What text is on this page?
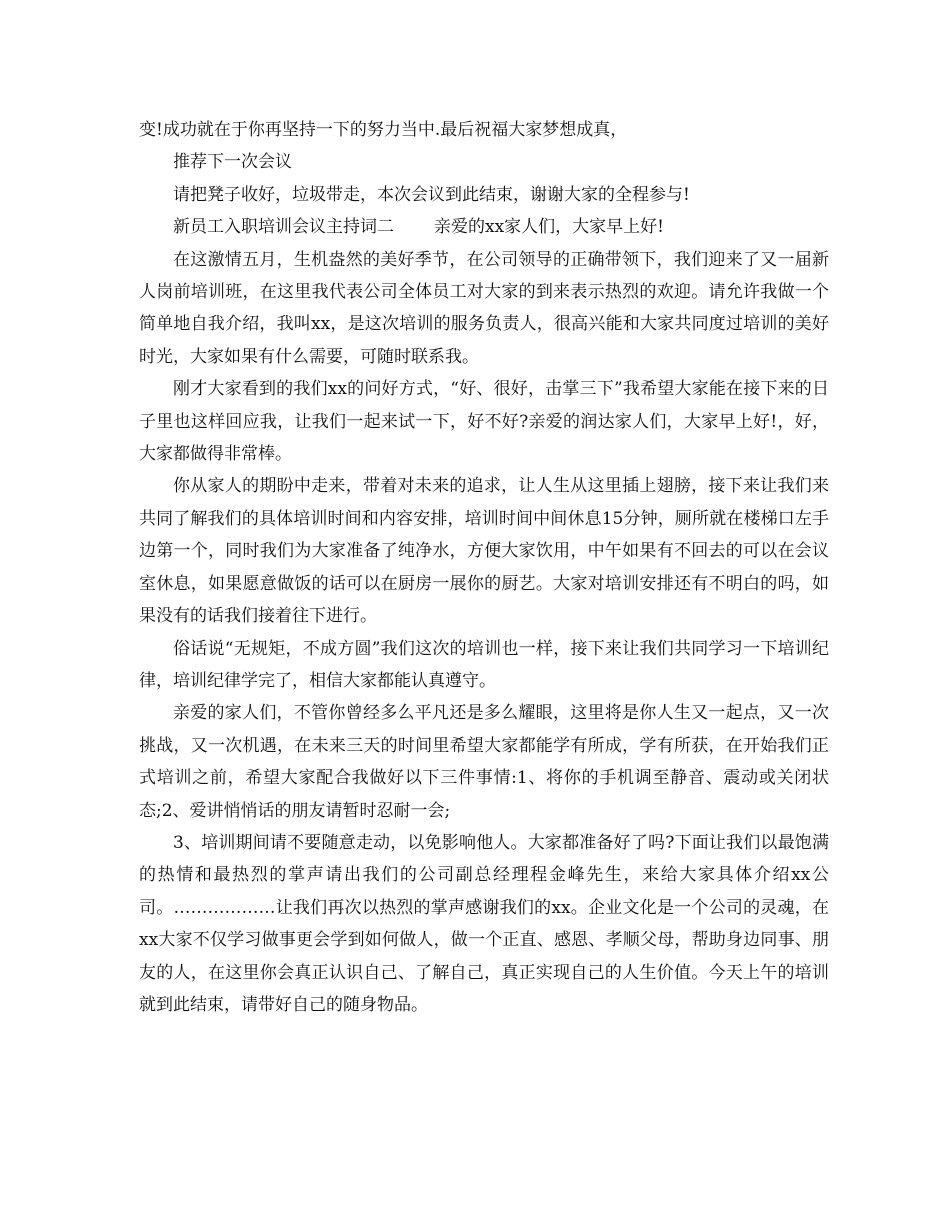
变!成功就在于你再坚持一下的努力当中.最后祝福大家梦想成真，

推荐下一次会议

请把凳子收好，垃圾带走，本次会议到此结束，谢谢大家的全程参与!

新员工入职培训会议主持词二 亲爱的xx家人们，大家早上好!

在这激情五月，生机盎然的美好季节，在公司领导的正确带领下，我们迎来了又一届新人岗前培训班，在这里我代表公司全体员工对大家的到来表示热烈的欢迎。请允许我做一个简单地自我介绍，我叫xx，是这次培训的服务负责人，很高兴能和大家共同度过培训的美好时光，大家如果有什么需要，可随时联系我。

刚才大家看到的我们xx的问好方式，“好、很好，击掌三下”我希望大家能在接下来的日子里也这样回应我，让我们一起来试一下，好不好?亲爱的润达家人们，大家早上好!，好，大家都做得非常棒。

你从家人的期盼中走来，带着对未来的追求，让人生从这里插上翅膀，接下来让我们来共同了解我们的具体培训时间和内容安排，培训时间中间休息15分钟，厕所就在楼梯口左手边第一个，同时我们为大家准备了纯净水，方便大家饮用，中午如果有不回去的可以在会议室休息，如果愿意做饭的话可以在厨房一展你的厨艺。大家对培训安排还有不明白的吗，如果没有的话我们接着往下进行。

俗话说“无规矩，不成方圆”我们这次的培训也一样，接下来让我们共同学习一下培训纪律，培训纪律学完了，相信大家都能认真遵守。

亲爱的家人们，不管你曾经多么平凡还是多么耀眼，这里将是你人生又一起点，又一次挑战，又一次机遇，在未来三天的时间里希望大家都能学有所成，学有所获，在开始我们正式培训之前，希望大家配合我做好以下三件事情:1、将你的手机调至静音、震动或关闭状态;2、爱讲悄悄话的朋友请暂时忍耐一会;

3、培训期间请不要随意走动，以免影响他人。大家都准备好了吗?下面让我们以最饱满的热情和最热烈的掌声请出我们的公司副总经理程金峰先生，来给大家具体介绍xx公司。………………让我们再次以热烈的掌声感谢我们的xx。企业文化是一个公司的灵魂，在xx大家不仅学习做事更会学到如何做人，做一个正直、感恩、孝顺父母，帮助身边同事、朋友的人，在这里你会真正认识自己、了解自己，真正实现自己的人生价值。今天上午的培训就到此结束，请带好自己的随身物品。
